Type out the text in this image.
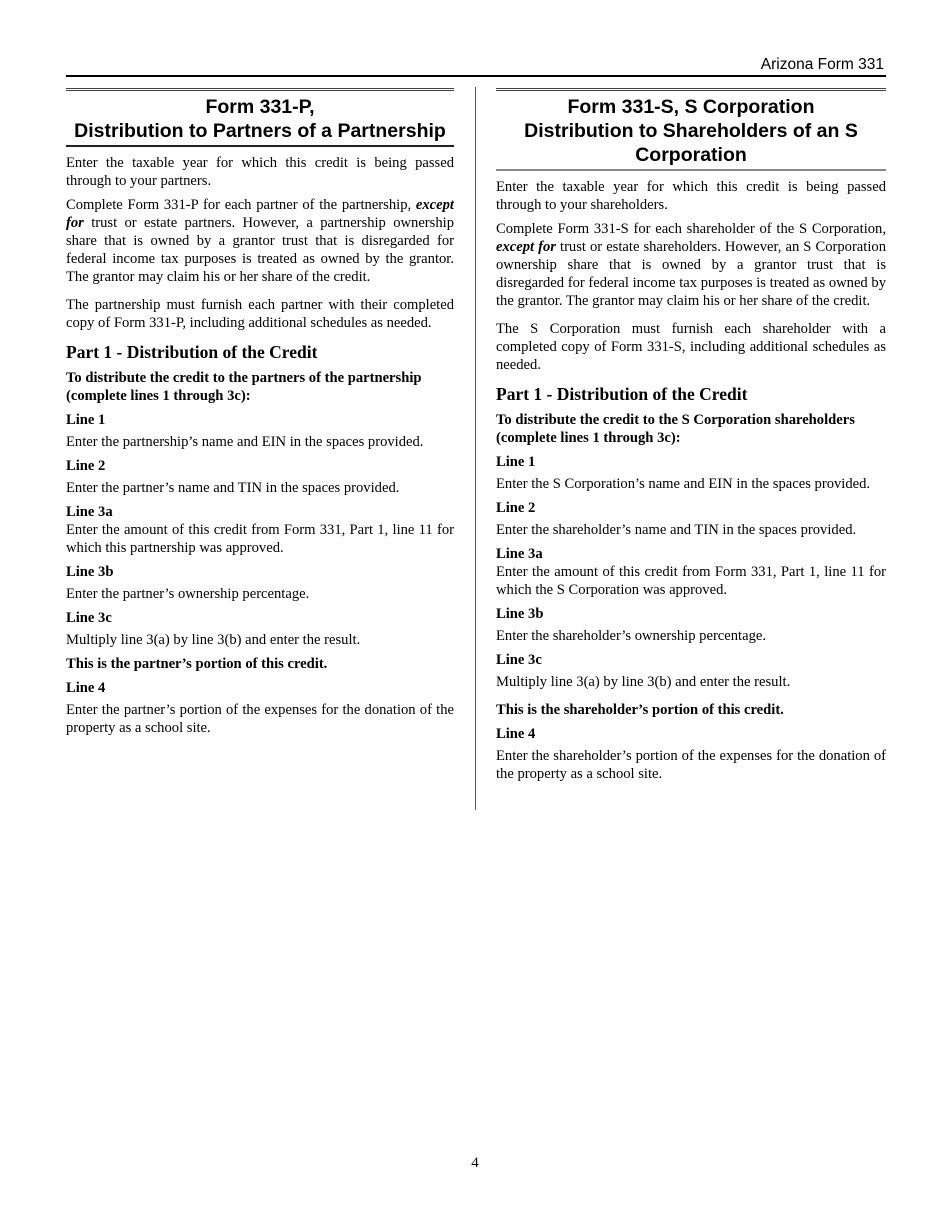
Arizona Form 331
Form 331-P,
Distribution to Partners of a Partnership

Enter the taxable year for which this credit is being passed through to your partners.

Complete Form 331-P for each partner of the partnership, except for trust or estate partners. However, a partnership ownership share that is owned by a grantor trust that is disregarded for federal income tax purposes is treated as owned by the grantor. The grantor may claim his or her share of the credit.

The partnership must furnish each partner with their completed copy of Form 331-P, including additional schedules as needed.

Part 1 - Distribution of the Credit

To distribute the credit to the partners of the partnership (complete lines 1 through 3c):

Line 1

Enter the partnership’s name and EIN in the spaces provided.

Line 2

Enter the partner’s name and TIN in the spaces provided.

Line 3a

Enter the amount of this credit from Form 331, Part 1, line 11 for which this partnership was approved.

Line 3b

Enter the partner’s ownership percentage.

Line 3c

Multiply line 3(a) by line 3(b) and enter the result.

This is the partner’s portion of this credit.

Line 4

Enter the partner’s portion of the expenses for the donation of the property as a school site.

Form 331-S, S Corporation
Distribution to Shareholders of an S
Corporation

Enter the taxable year for which this credit is being passed through to your shareholders.

Complete Form 331-S for each shareholder of the S Corporation, except for trust or estate shareholders. However, an S Corporation ownership share that is owned by a grantor trust that is disregarded for federal income tax purposes is treated as owned by the grantor. The grantor may claim his or her share of the credit.

The S Corporation must furnish each shareholder with a completed copy of Form 331-S, including additional schedules as needed.

Part 1 - Distribution of the Credit

To distribute the credit to the S Corporation shareholders (complete lines 1 through 3c):

Line 1

Enter the S Corporation’s name and EIN in the spaces provided.

Line 2

Enter the shareholder’s name and TIN in the spaces provided.

Line 3a

Enter the amount of this credit from Form 331, Part 1, line 11 for which the S Corporation was approved.

Line 3b

Enter the shareholder’s ownership percentage.

Line 3c

Multiply line 3(a) by line 3(b) and enter the result.

This is the shareholder’s portion of this credit.

Line 4

Enter the shareholder’s portion of the expenses for the donation of the property as a school site.

4
